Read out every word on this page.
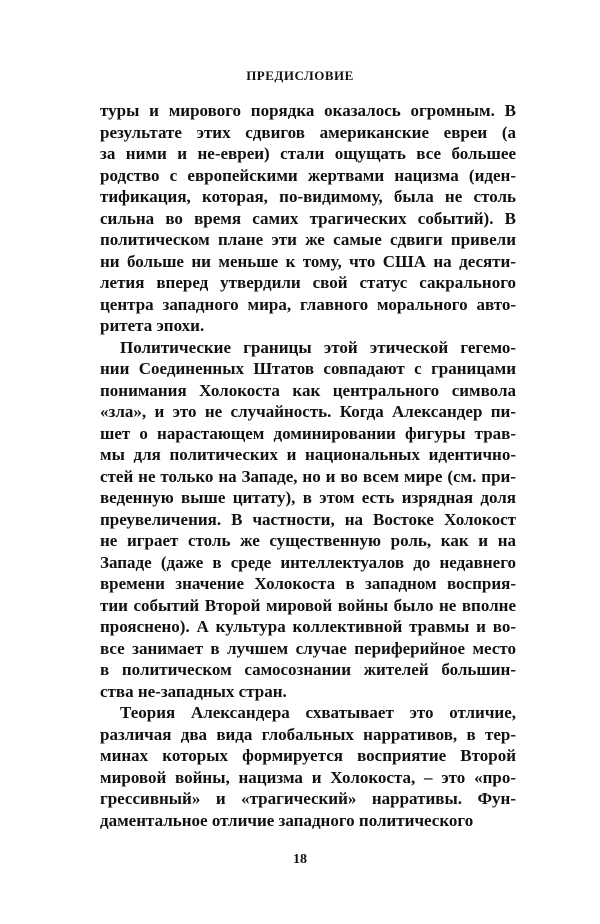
ПРЕДИСЛОВИЕ
туры и мирового порядка оказалось огромным. В
результате этих сдвигов американские евреи (а
за ними и не-евреи) стали ощущать все большее
родство с европейскими жертвами нацизма (иден-
тификация, которая, по-видимому, была не столь
сильна во время самих трагических событий). В
политическом плане эти же самые сдвиги привели
ни больше ни меньше к тому, что США на десяти-
летия вперед утвердили свой статус сакрального
центра западного мира, главного морального авто-
ритета эпохи.
Политические границы этой этической гегемо-
нии Соединенных Штатов совпадают с границами
понимания Холокоста как центрального символа
«зла», и это не случайность. Когда Александер пи-
шет о нарастающем доминировании фигуры трав-
мы для политических и национальных идентично-
стей не только на Западе, но и во всем мире (см. при-
веденную выше цитату), в этом есть изрядная доля
преувеличения. В частности, на Востоке Холокост
не играет столь же существенную роль, как и на
Западе (даже в среде интеллектуалов до недавнего
времени значение Холокоста в западном восприя-
тии событий Второй мировой войны было не вполне
прояснено). А культура коллективной травмы и во-
все занимает в лучшем случае периферийное место
в политическом самосознании жителей большин-
ства не-западных стран.
Теория Александера схватывает это отличие,
различая два вида глобальных нарративов, в тер-
минах которых формируется восприятие Второй
мировой войны, нацизма и Холокоста, – это «про-
грессивный» и «трагический» нарративы. Фун-
даментальное отличие западного политического
18
